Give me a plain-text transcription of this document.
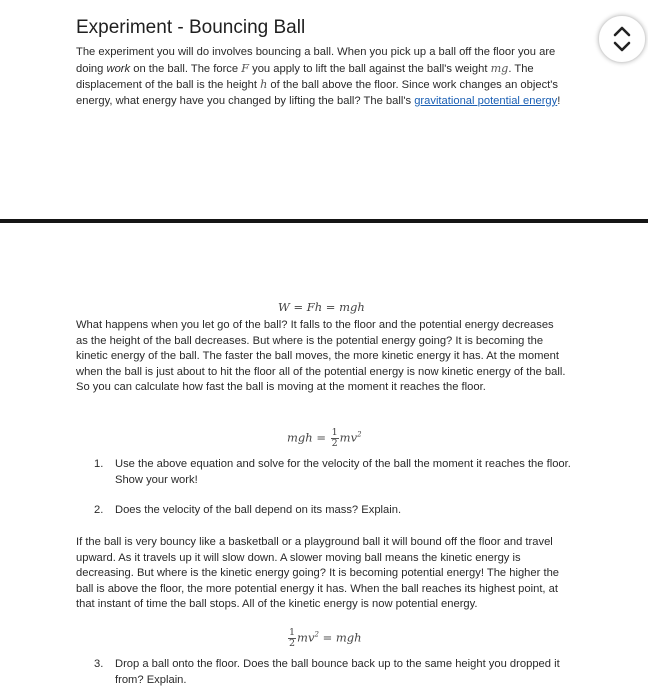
Experiment - Bouncing Ball

The experiment you will do involves bouncing a ball. When you pick up a ball off the floor you are doing work on the ball. The force F you apply to lift the ball against the ball's weight mg. The displacement of the ball is the height h of the ball above the floor. Since work changes an object's energy, what energy have you changed by lifting the ball? The ball's gravitational potential energy!

W = Fh = mgh

What happens when you let go of the ball? It falls to the floor and the potential energy decreases as the height of the ball decreases. But where is the potential energy going? It is becoming the kinetic energy of the ball. The faster the ball moves, the more kinetic energy it has. At the moment when the ball is just about to hit the floor all of the potential energy is now kinetic energy of the ball. So you can calculate how fast the ball is moving at the moment it reaches the floor.

mgh = $\frac{1}{2} mv^2$
1. Use the above equation and solve for the velocity of the ball the moment it reaches the floor. Show your work!
2. Does the velocity of the ball depend on its mass? Explain.

If the ball is very bouncy like a basketball or a playground ball it will bound off the floor and travel upward. As it travels up it will slow down. A slower moving ball means the kinetic energy is decreasing. But where is the kinetic energy going? It is becoming potential energy! The higher the ball is above the floor, the more potential energy it has. When the ball reaches its highest point, at that instant of time the ball stops. All of the kinetic energy is now potential energy.

$\frac{1}{2} mv^2$ = mgh
3. Drop a ball onto the floor. Does the ball bounce back up to the same height you dropped it from? Explain.
